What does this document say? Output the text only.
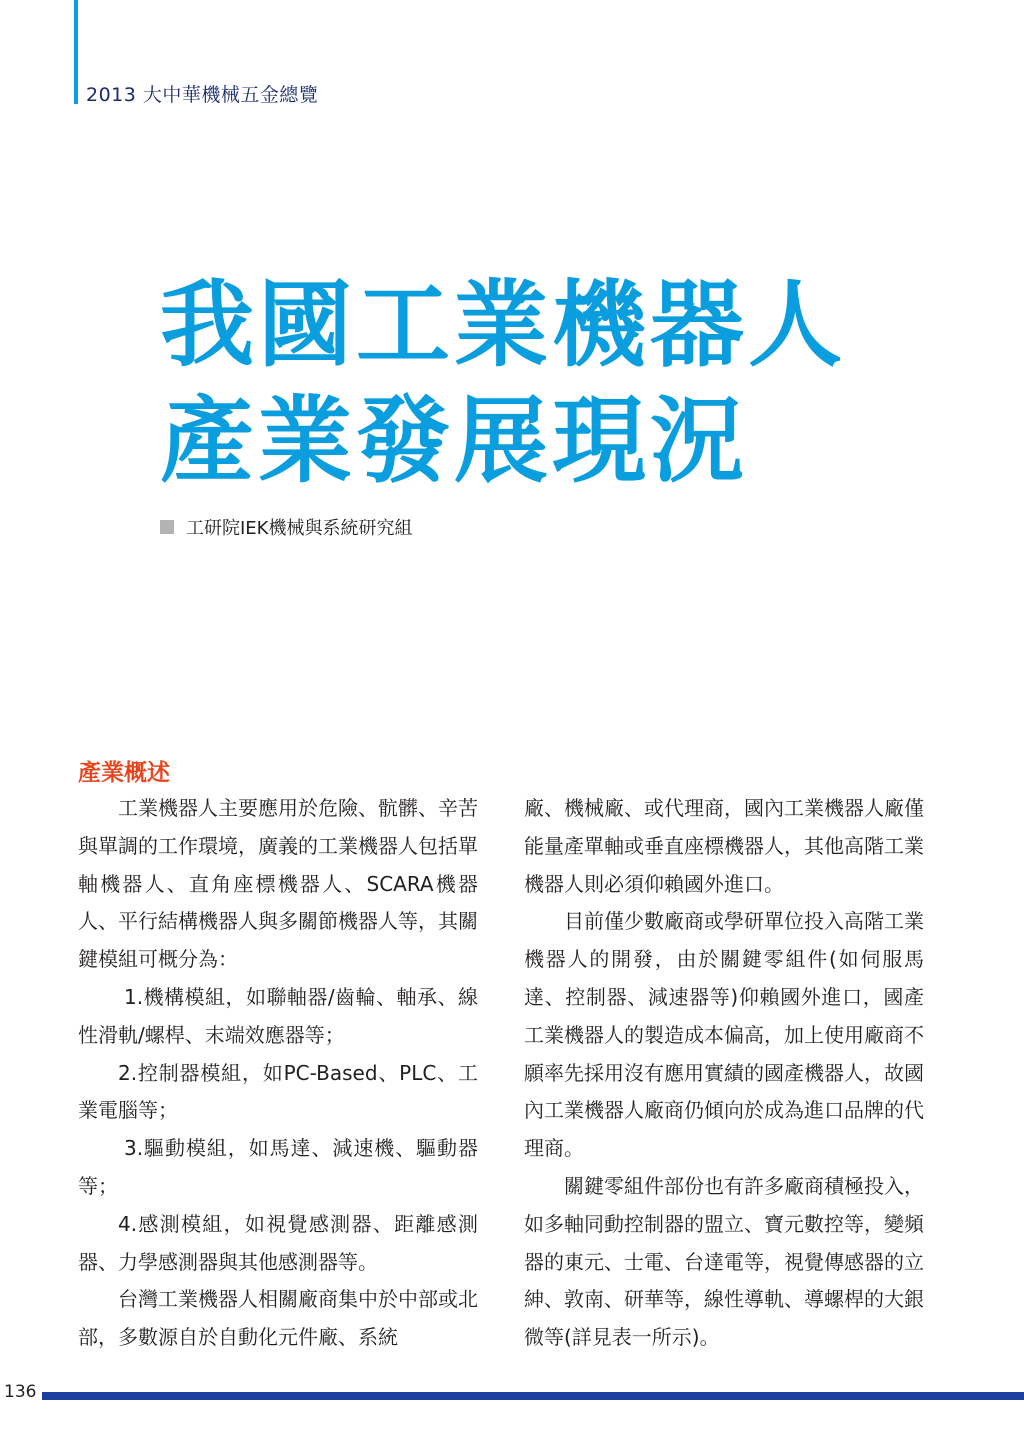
2013 大中華機械五金總覽
我國工業機器人
產業發展現況
工研院IEK機械與系統研究組
產業概述

工業機器人主要應用於危險、骯髒、辛苦與單調的工作環境，廣義的工業機器人包括單軸機器人、直角座標機器人、SCARA機器人、平行結構機器人與多關節機器人等，其關鍵模組可概分為：

1.機構模組，如聯軸器/齒輪、軸承、線性滑軌/螺桿、末端效應器等；

2.控制器模組，如PC-Based、PLC、工業電腦等；

3.驅動模組，如馬達、減速機、驅動器等；

4.感測模組，如視覺感測器、距離感測器、力學感測器與其他感測器等。

台灣工業機器人相關廠商集中於中部或北部，多數源自於自動化元件廠、系統

廠、機械廠、或代理商，國內工業機器人廠僅能量產單軸或垂直座標機器人，其他高階工業機器人則必須仰賴國外進口。

目前僅少數廠商或學研單位投入高階工業機器人的開發，由於關鍵零組件(如伺服馬達、控制器、減速器等)仰賴國外進口，國產工業機器人的製造成本偏高，加上使用廠商不願率先採用沒有應用實績的國產機器人，故國內工業機器人廠商仍傾向於成為進口品牌的代理商。

關鍵零組件部份也有許多廠商積極投入，如多軸同動控制器的盟立、寶元數控等，變頻器的東元、士電、台達電等，視覺傳感器的立紳、敦南、研華等，線性導軌、導螺桿的大銀微等(詳見表一所示)。

136
